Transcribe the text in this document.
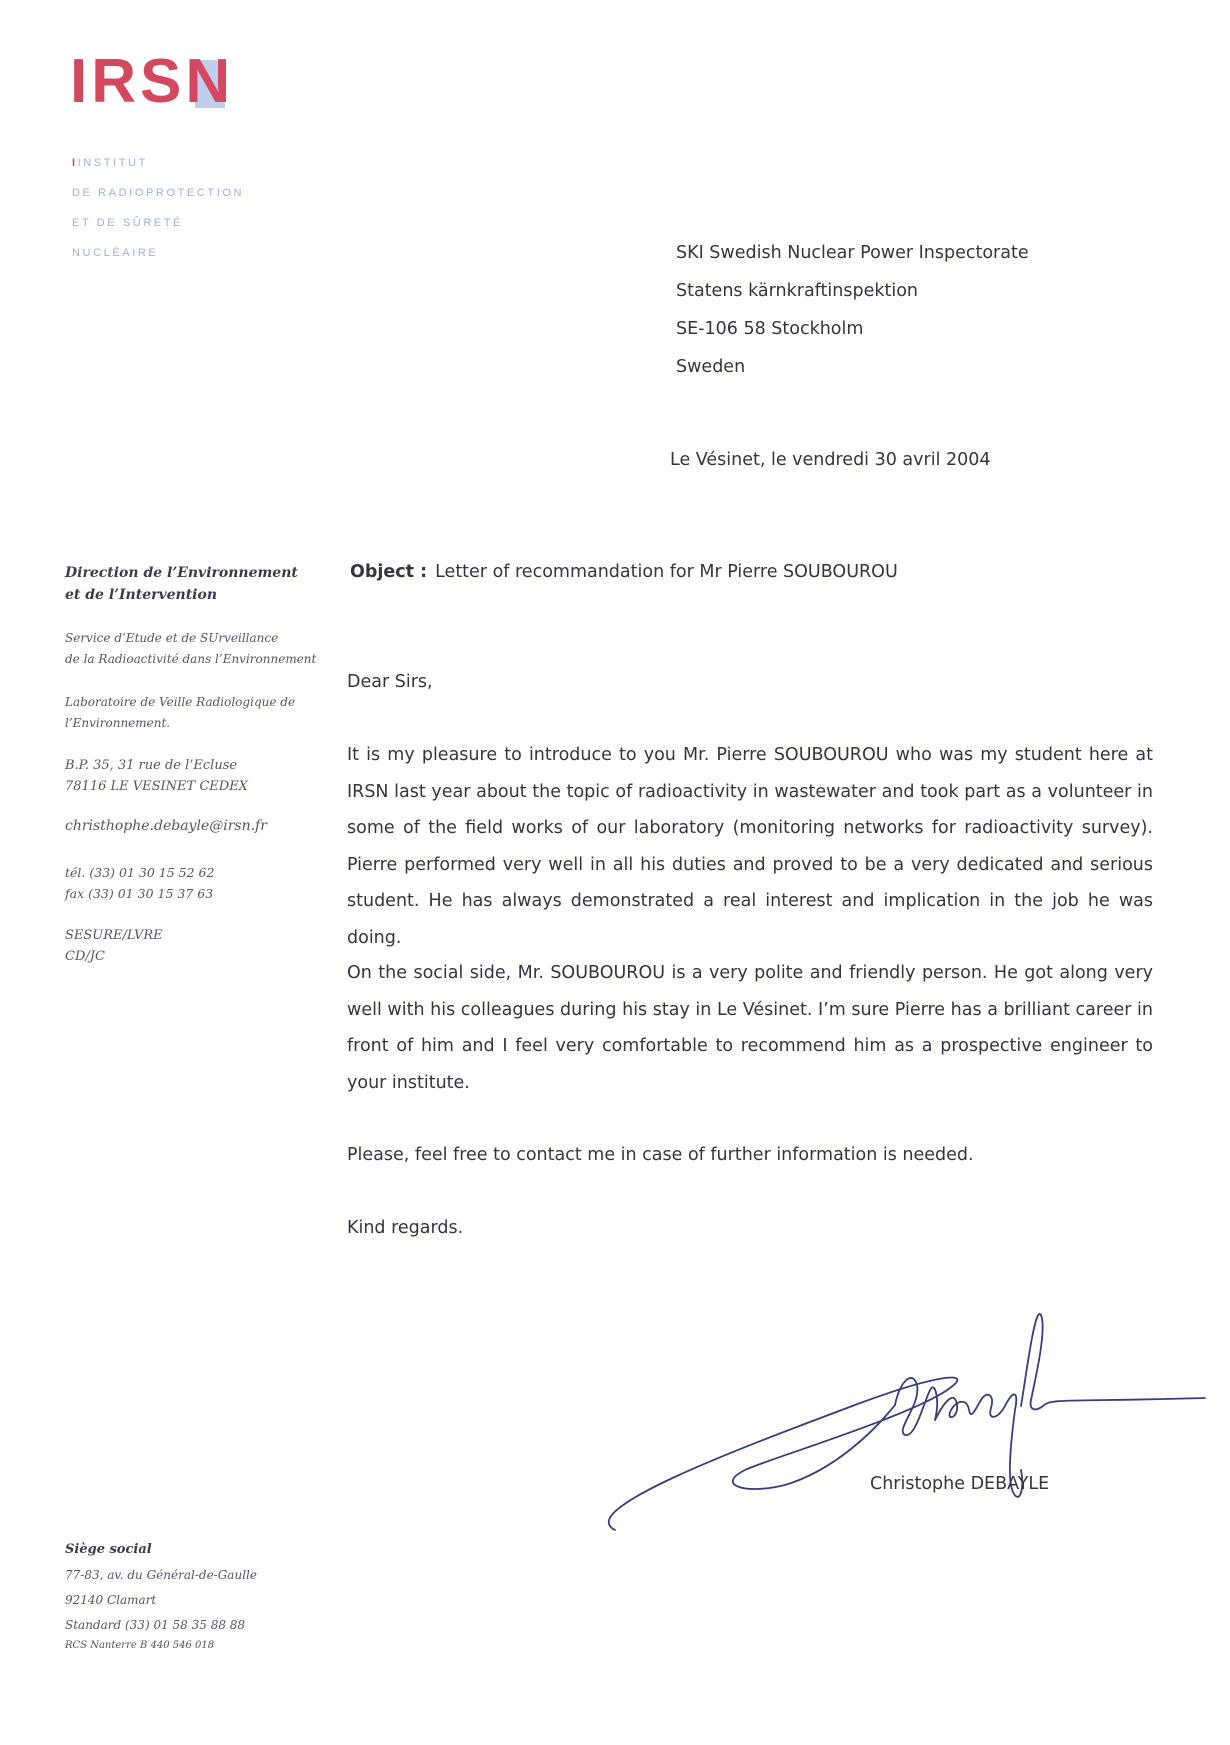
IRS
N
IINSTITUT
DE RADIOPROTECTION
ET DE SÛRETÉ
NUCLÉAIRE	SKI Swedish Nuclear Power Inspectorate
Statens kärnkraftinspektion
SE-106 58 Stockholm
Sweden
Le Vésinet, le vendredi 30 avril 2004
Direction de l’Environnement
et de l’Intervention
Service d’Etude et de SUrveillance
de la Radioactivité dans l’Environnement
Laboratoire de Veille Radiologique de
l’Environnement.
B.P. 35, 31 rue de l’Ecluse
78116 LE VESINET CEDEX
christhophe.debayle@irsn.fr
tél. (33) 01 30 15 52 62
fax (33) 01 30 15 37 63
SESURE/LVRE
CD/JC
Siège social
77-83, av. du Général-de-Gaulle
92140 Clamart
Standard (33) 01 58 35 88 88
RCS Nanterre B 440 546 018
Object : Letter of recommandation for Mr Pierre SOUBOUROU
Dear Sirs,
It is my pleasure to introduce to you Mr. Pierre SOUBOUROU who was my student here at IRSN last year about the topic of radioactivity in wastewater and took part as a volunteer in some of the field works of our laboratory (monitoring networks for radioactivity survey). Pierre performed very well in all his duties and proved to be a very dedicated and serious student. He has always demonstrated a real interest and implication in the job he was doing.
On the social side, Mr. SOUBOUROU is a very polite and friendly person. He got along very well with his colleagues during his stay in Le Vésinet. I’m sure Pierre has a brilliant career in front of him and I feel very comfortable to recommend him as a prospective engineer to your institute.
Please, feel free to contact me in case of further information is needed.
Kind regards.
Christophe DEBAYLE
